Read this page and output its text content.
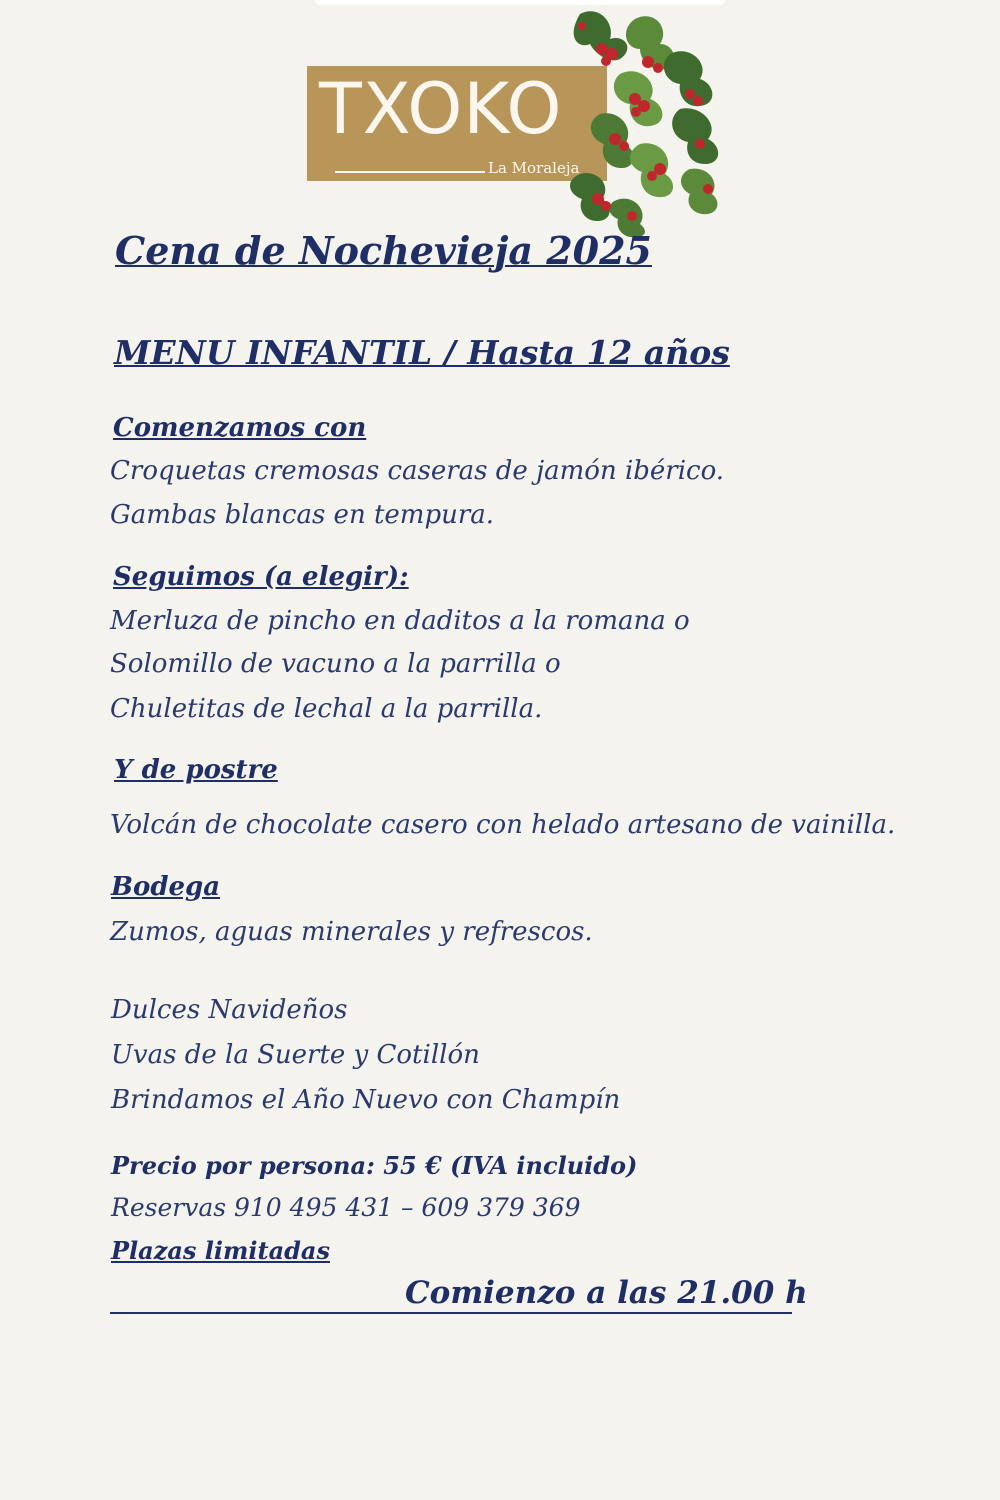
TXOKO
La Moraleja
Cena de Nochevieja 2025
MENU INFANTIL / Hasta 12 años
Comenzamos con
Croquetas cremosas caseras de jamón ibérico.
Gambas blancas en tempura.
Seguimos (a elegir):
Merluza de pincho en daditos a la romana o
Solomillo de vacuno a la parrilla o
Chuletitas de lechal a la parrilla.
Y de postre
Volcán de chocolate casero con helado artesano de vainilla.
Bodega
Zumos, aguas minerales y refrescos.
Dulces Navideños
Uvas de la Suerte y Cotillón
Brindamos el Año Nuevo con Champín
Precio por persona: 55 € (IVA incluido)
Reservas 910 495 431 – 609 379 369
Plazas limitadas
Comienzo a las 21.00 h
